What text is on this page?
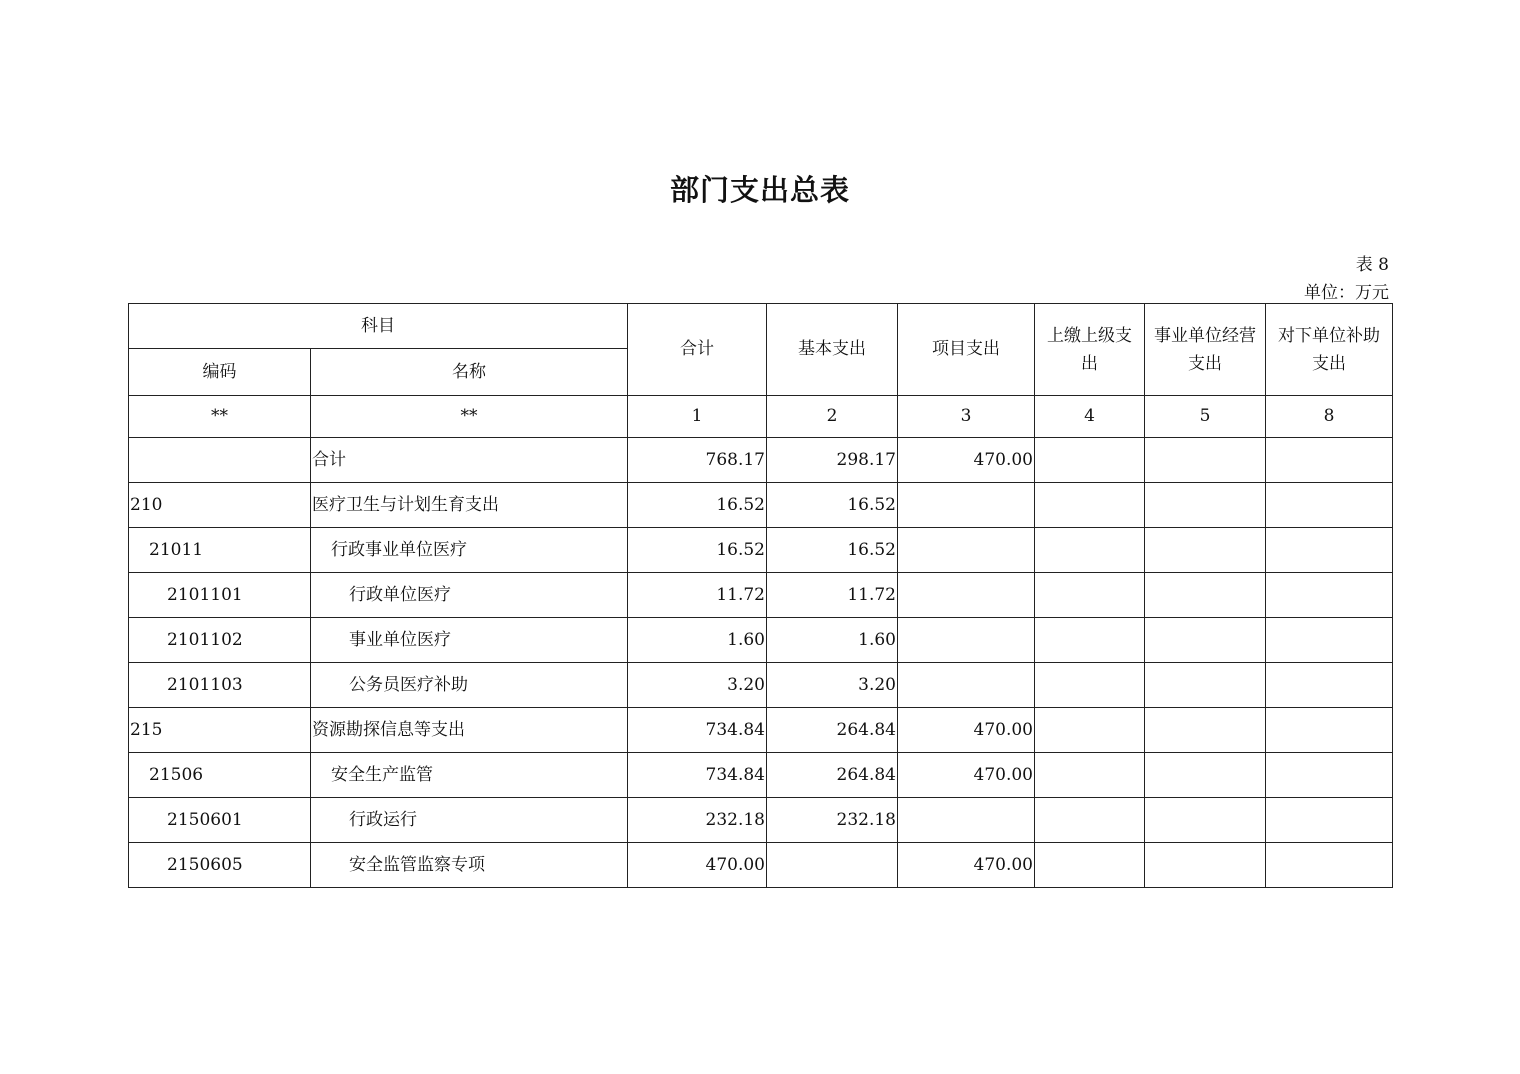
部门支出总表
表 8
单位：万元
科目		合计	基本支出	项目支出	上缴上级支出	事业单位经营支出	对下单位补助支出
编码	名称						
**	**	1	2	3	4	5	8
	合计	768.17	298.17	470.00			
210	医疗卫生与计划生育支出	16.52	16.52				
21011	行政事业单位医疗	16.52	16.52				
2101101	行政单位医疗	11.72	11.72				
2101102	事业单位医疗	1.60	1.60				
2101103	公务员医疗补助	3.20	3.20				
215	资源勘探信息等支出	734.84	264.84	470.00			
21506	安全生产监管	734.84	264.84	470.00			
2150601	行政运行	232.18	232.18				
2150605	安全监管监察专项	470.00		470.00			
